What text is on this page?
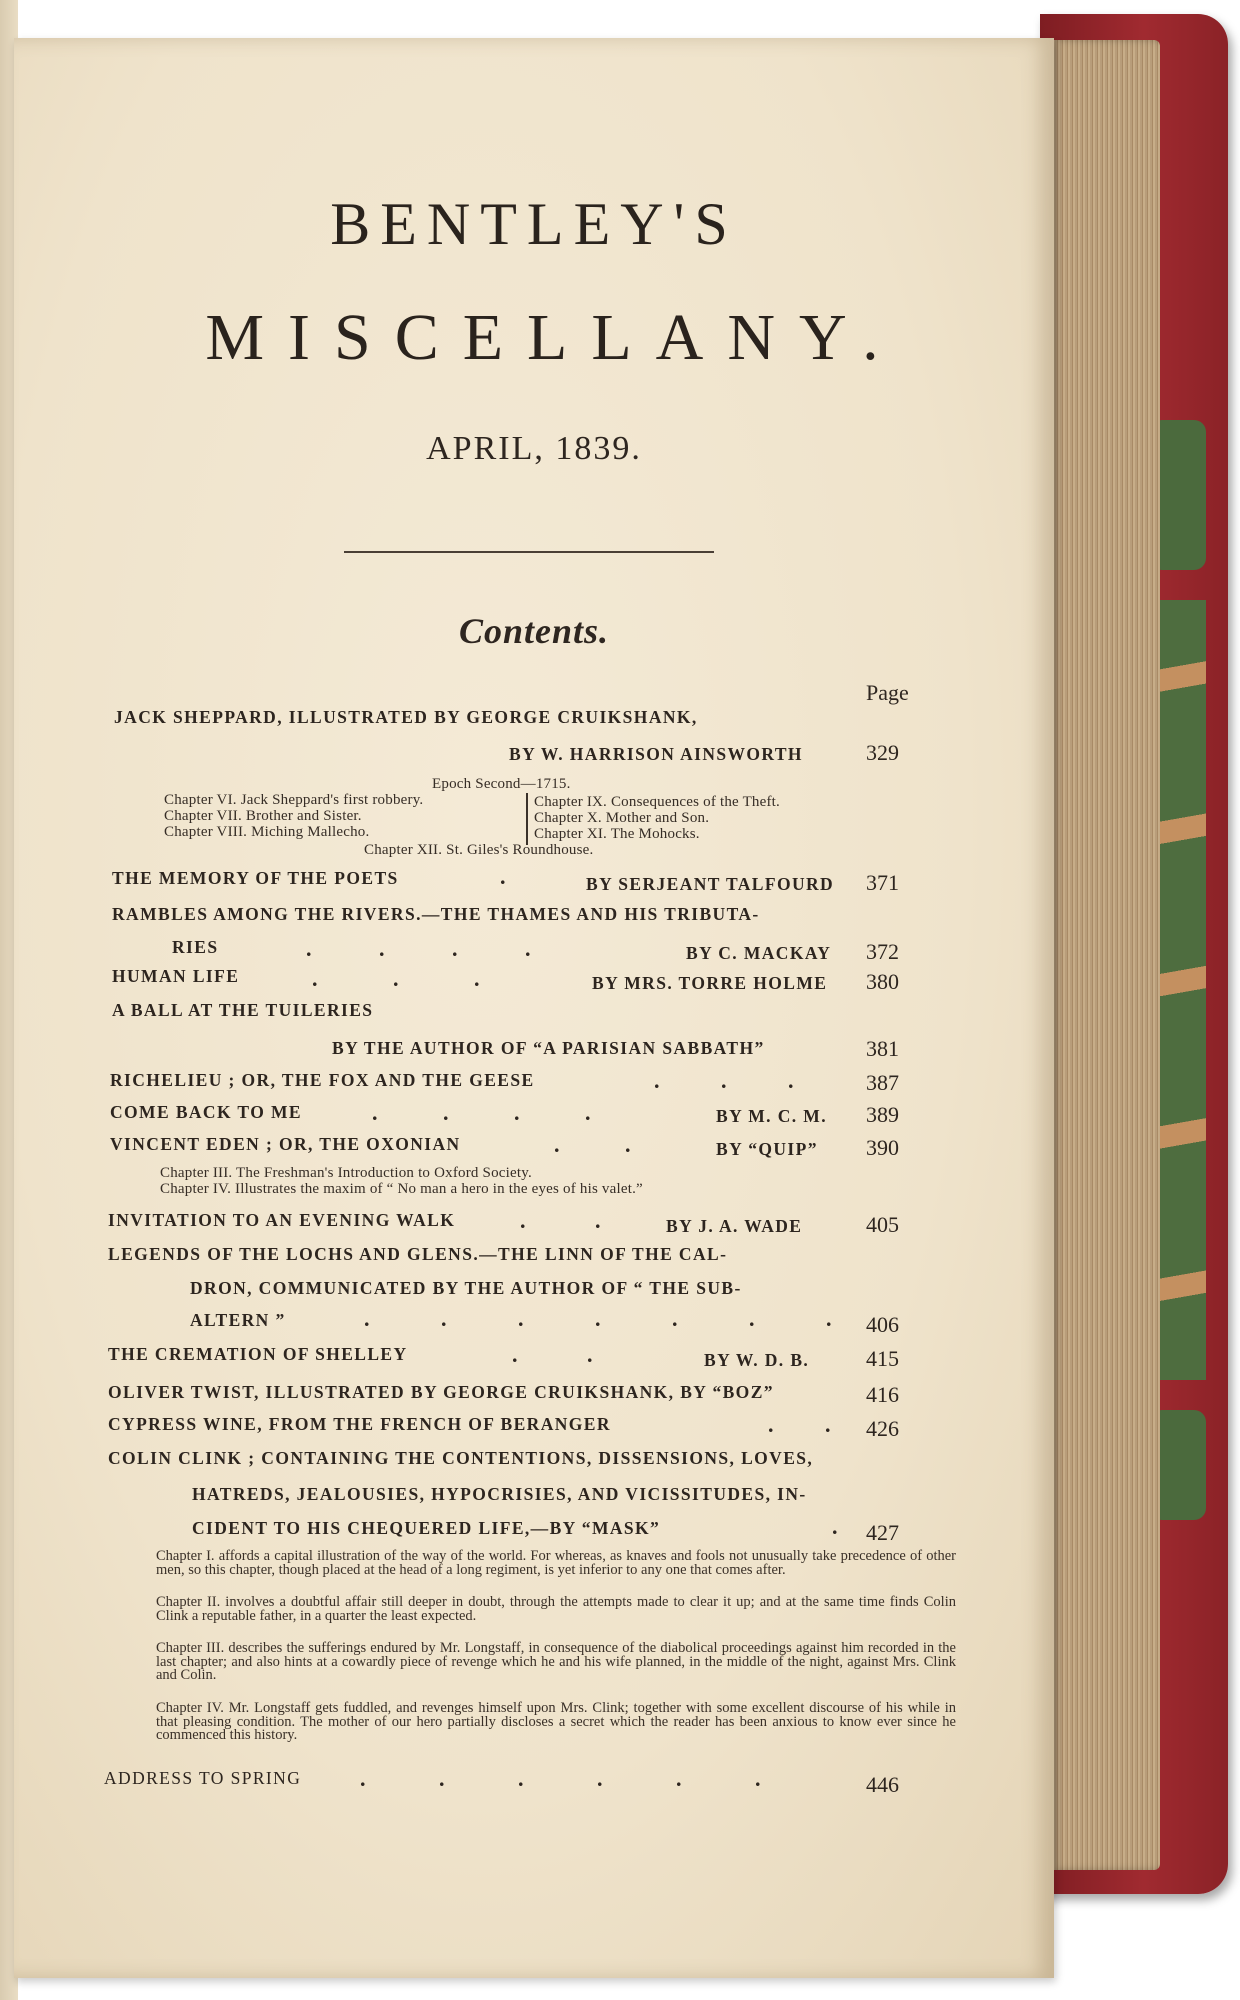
BENTLEY'S
MISCELLANY.
APRIL, 1839.
Contents.
Page
JACK SHEPPARD, ILLUSTRATED BY GEORGE CRUIKSHANK,
BY W. HARRISON AINSWORTH	329
Epoch Second—1715.
Chapter VI. Jack Sheppard's first robbery.
Chapter VII. Brother and Sister.
Chapter VIII. Miching Mallecho.
Chapter IX. Consequences of the Theft.
Chapter X. Mother and Son.
Chapter XI. The Mohocks.
Chapter XII. St. Giles's Roundhouse.
THE MEMORY OF THE POETS	.	BY SERJEANT TALFOURD 371
RAMBLES AMONG THE RIVERS.—THE THAMES AND HIS TRIBUTA-
RIES	. . . .	BY C. MACKAY 372
HUMAN LIFE	. . .	BY MRS. TORRE HOLME 380
A BALL AT THE TUILERIES
BY THE AUTHOR OF “A PARISIAN SABBATH”	381
RICHELIEU ; OR, THE FOX AND THE GEESE	. . .	387
COME BACK TO ME	. . . .	BY M. C. M. 389
VINCENT EDEN ; OR, THE OXONIAN	. .	BY “QUIP” 390
Chapter III. The Freshman's Introduction to Oxford Society.
Chapter IV. Illustrates the maxim of “ No man a hero in the eyes of his valet.”
INVITATION TO AN EVENING WALK	. .	BY J. A. WADE	405
LEGENDS OF THE LOCHS AND GLENS.—THE LINN OF THE CAL-
DRON, COMMUNICATED BY THE AUTHOR OF “ THE SUB-
ALTERN ”	. . . . . . . 406
THE CREMATION OF SHELLEY	. .	BY W. D. B.	415
OLIVER TWIST, ILLUSTRATED BY GEORGE CRUIKSHANK, BY “BOZ”	416
CYPRESS WINE, FROM THE FRENCH OF BERANGER	. . 426
COLIN CLINK ; CONTAINING THE CONTENTIONS, DISSENSIONS, LOVES,
HATREDS, JEALOUSIES, HYPOCRISIES, AND VICISSITUDES, IN-
CIDENT TO HIS CHEQUERED LIFE,—BY “MASK”	. 427
Chapter I. affords a capital illustration of the way of the world. For whereas, as knaves and fools not unusually take precedence of other men, so this chapter, though placed at the head of a long regiment, is yet inferior to any one that comes after.
Chapter II. involves a doubtful affair still deeper in doubt, through the attempts made to clear it up; and at the same time finds Colin Clink a reputable father, in a quarter the least expected.
Chapter III. describes the sufferings endured by Mr. Longstaff, in consequence of the diabolical proceedings against him recorded in the last chapter; and also hints at a cowardly piece of revenge which he and his wife planned, in the middle of the night, against Mrs. Clink and Colin.
Chapter IV. Mr. Longstaff gets fuddled, and revenges himself upon Mrs. Clink; together with some excellent discourse of his while in that pleasing condition. The mother of our hero partially discloses a secret which the reader has been anxious to know ever since he commenced this history.
ADDRESS TO SPRING	. . . . . .	446
